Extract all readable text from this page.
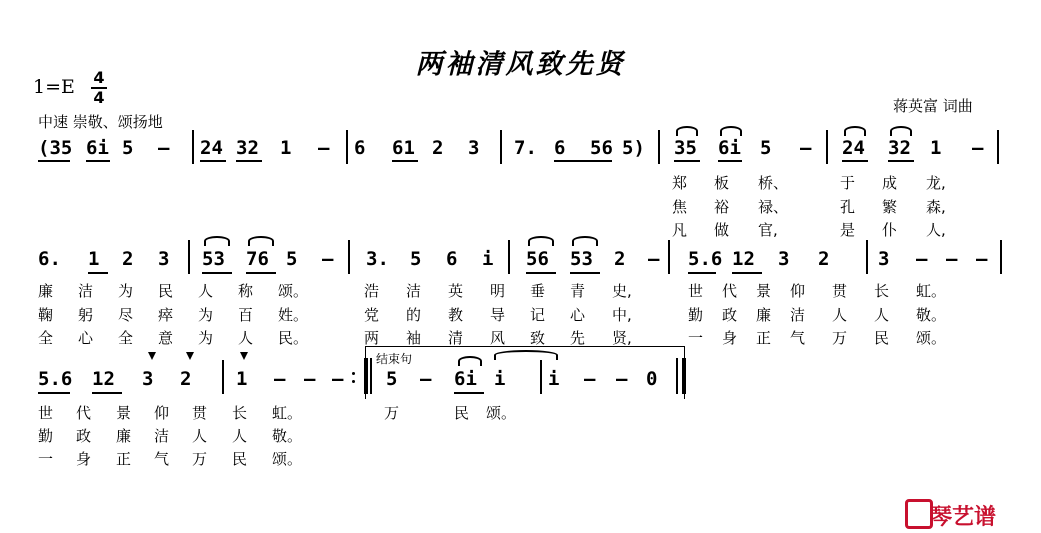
两袖清风致先贤
1=E 4
4
中速 崇敬、颂扬地
蒋英富 词曲
(35 6i 5 – 24 32 1 – 6 61 2 3 7. 6 56 5) 35 6i 5 – 24 32 1 –
郑 板 桥、	于 成 龙,
焦 裕 禄、	孔 繁 森,
凡 做 官,	是 仆 人,
6. 1 2 3 53 76 5 – 3. 5 6 i 56 53 2 – 5.6 12 3 2	3 – – –
廉 洁 为 民 人 称 颂。	浩 洁 英 明 垂 青 史,	世 代 景 仰 贯 长 虹。
鞠 躬 尽 瘁 为 百 姓。	党 的 教 导 记 心 中,	勤 政 廉 洁 人 人 敬。
全 心 全 意 为 人 民。	两 袖 清 风 致 先 贤,	一 身 正 气 万 民 颂。
5.6 12 3 2 1 – – – 5 – 6i i i – – 0
世 代 景 仰 贯 长 虹。	万	民 颂。
勤 政 廉 洁 人 人 敬。
一 身 正 气 万 民 颂。
结束句
琴艺谱
